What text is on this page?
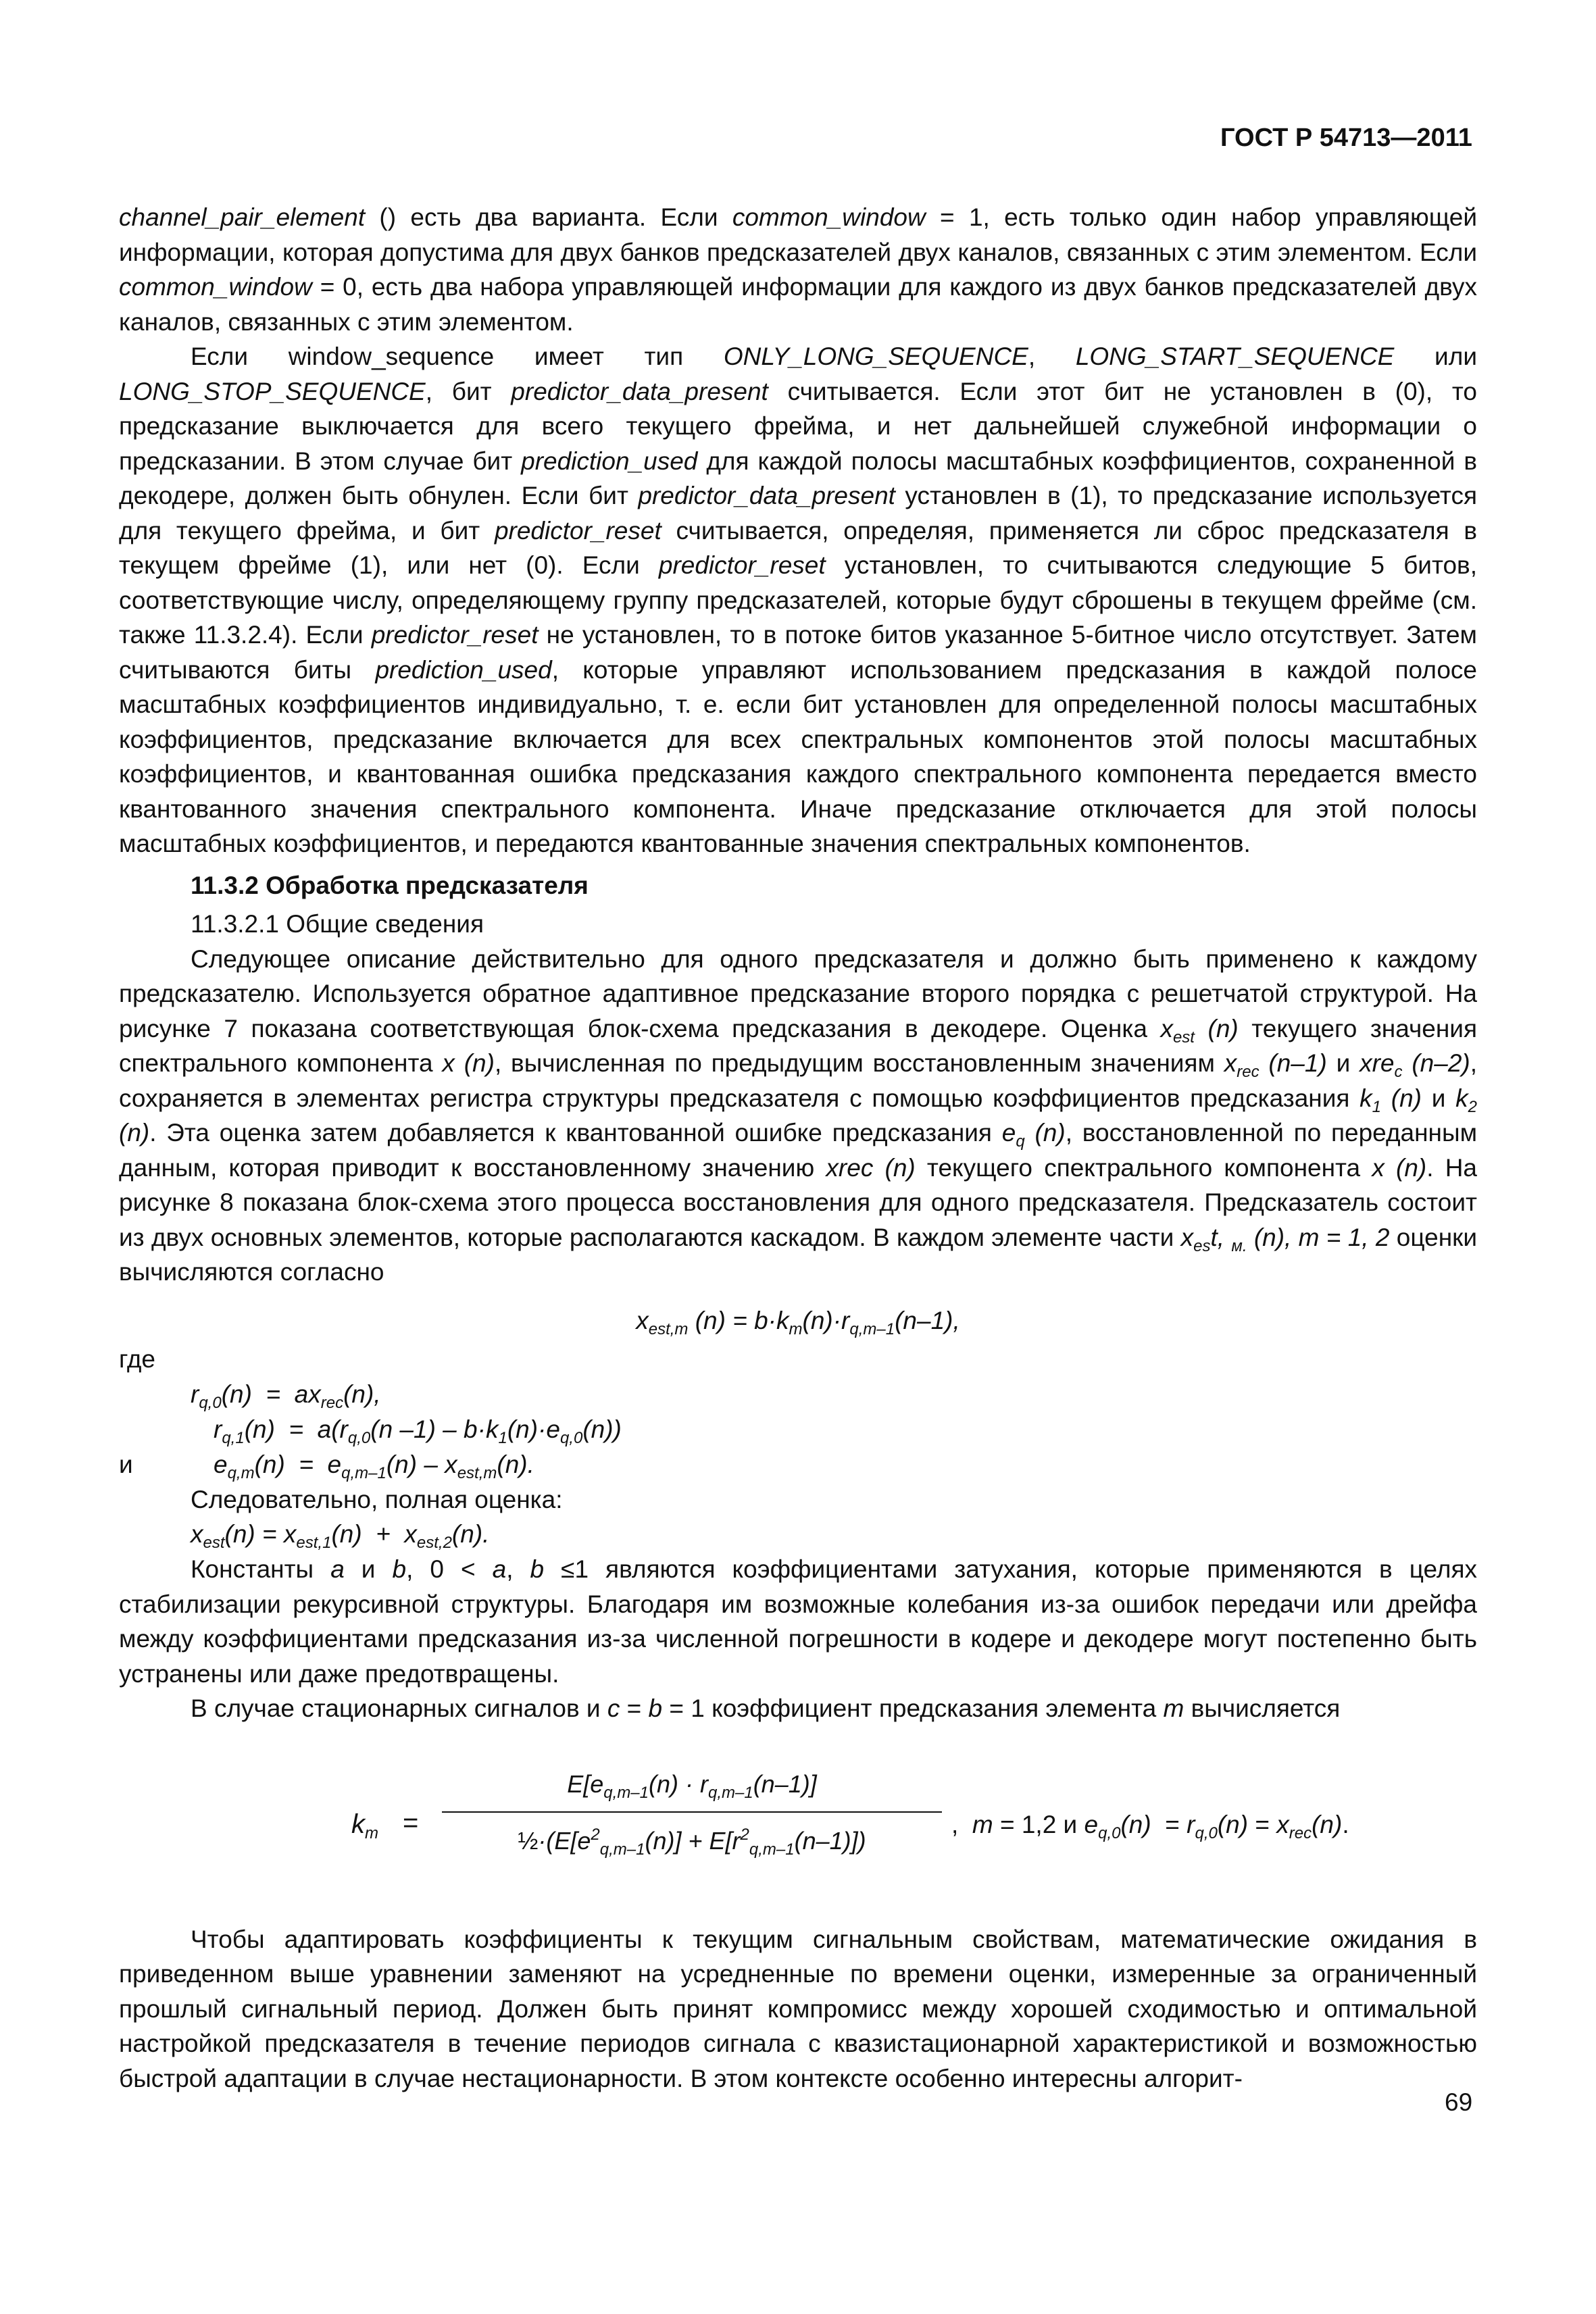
ГОСТ Р 54713—2011

channel_pair_element () есть два варианта. Если common_window = 1, есть только один набор управляющей информации, которая допустима для двух банков предсказателей двух каналов, связанных с этим элементом. Если common_window = 0, есть два набора управляющей информации для каждого из двух банков предсказателей двух каналов, связанных с этим элементом.

Если window_sequence имеет тип ONLY_LONG_SEQUENCE, LONG_START_SEQUENCE или LONG_STOP_SEQUENCE, бит predictor_data_present считывается. Если этот бит не установлен в (0), то предсказание выключается для всего текущего фрейма, и нет дальнейшей служебной информации о предсказании. В этом случае бит prediction_used для каждой полосы масштабных коэффициентов, сохраненной в декодере, должен быть обнулен. Если бит predictor_data_present установлен в (1), то предсказание используется для текущего фрейма, и бит predictor_reset считывается, определяя, применяется ли сброс предсказателя в текущем фрейме (1), или нет (0). Если predictor_reset установлен, то считываются следующие 5 битов, соответствующие числу, определяющему группу предсказателей, которые будут сброшены в текущем фрейме (см. также 11.3.2.4). Если predictor_reset не установлен, то в потоке битов указанное 5-битное число отсутствует. Затем считываются биты prediction_used, которые управляют использованием предсказания в каждой полосе масштабных коэффициентов индивидуально, т. е. если бит установлен для определенной полосы масштабных коэффициентов, предсказание включается для всех спектральных компонентов этой полосы масштабных коэффициентов, и квантованная ошибка предсказания каждого спектрального компонента передается вместо квантованного значения спектрального компонента. Иначе предсказание отключается для этой полосы масштабных коэффициентов, и передаются квантованные значения спектральных компонентов.

11.3.2 Обработка предсказателя
11.3.2.1 Общие сведения

Следующее описание действительно для одного предсказателя и должно быть применено к каждому предсказателю. Используется обратное адаптивное предсказание второго порядка с решетчатой структурой. На рисунке 7 показана соответствующая блок-схема предсказания в декодере. Оценка $x_{est}$ (n) текущего значения спектрального компонента x (n), вычисленная по предыдущим восстановленным значениям $x_{rec}$ (n–1) и xre$_c$ (n–2), сохраняется в элементах регистра структуры предсказателя с помощью коэффициентов предсказания $k_1$ (n) и $k_2$ (n). Эта оценка затем добавляется к квантованной ошибке предсказания $e_q$ (n), восстановленной по переданным данным, которая приводит к восстановленному значению xrec (n) текущего спектрального компонента x (n). На рисунке 8 показана блок-схема этого процесса восстановления для одного предсказателя. Предсказатель состоит из двух основных элементов, которые располагаются каскадом. В каждом элементе части $x_{es}t$, $_{м.}$ (n), m = 1, 2 оценки вычисляются согласно

$x_{est,m}$ $(n) = b\cdot k_m(n)\cdot r_{q,m-1}(n-1)$,
где
$r_{q,0}(n) = ax_{rec}(n)$,
$r_{q,1}(n) = a(r_{q,0}(n$ $-1) - b\cdot k_1(n)\cdot e_{q,0}(n)$)
и	$e_{q,m}(n) = e_{q,m-1}(n) - x_{est,m}(n)$.
Следовательно, полная оценка:
$x_{est}(n) = x_{est,1}(n) + x_{est,2}(n)$.

Константы a и b, 0 < a, b ≤1 являются коэффициентами затухания, которые применяются в целях стабилизации рекурсивной структуры. Благодаря им возможные колебания из-за ошибок передачи или дрейфа между коэффициентами предсказания из-за численной погрешности в кодере и декодере могут постепенно быть устранены или даже предотвращены.

В случае стационарных сигналов и c = b = 1 коэффициент предсказания элемента m вычисляется

$k_m$ =
$E[e_{q,m-1}(n) \cdot r_{q,m-1}(n-1)]$
$\frac{1}{2}\cdot(E[e^2_{q,m-1}(n)] + E[r^2_{q,m-1}(n-1)])$
,  m = 1,2 и $e_{q,0}(n) = r_{q,0}(n) = x_{rec}(n)$.

Чтобы адаптировать коэффициенты к текущим сигнальным свойствам, математические ожидания в приведенном выше уравнении заменяют на усредненные по времени оценки, измеренные за ограниченный прошлый сигнальный период. Должен быть принят компромисс между хорошей сходимостью и оптимальной настройкой предсказателя в течение периодов сигнала с квазистационарной характеристикой и возможностью быстрой адаптации в случае нестационарности. В этом контексте особенно интересны алгорит-

69
